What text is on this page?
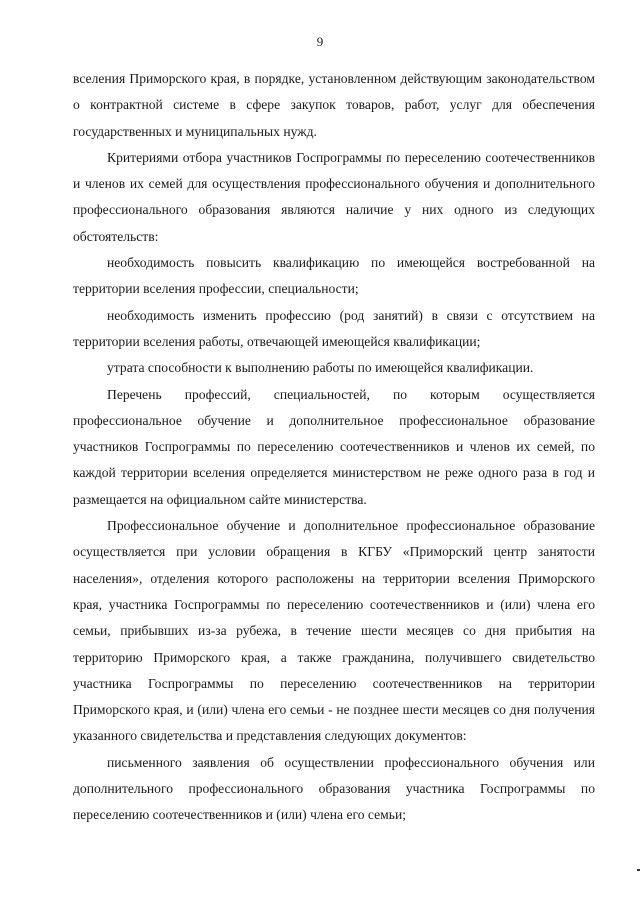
9

вселения Приморского края, в порядке, установленном действующим законодательством о контрактной системе в сфере закупок товаров, работ, услуг для обеспечения государственных и муниципальных нужд.

Критериями отбора участников Госпрограммы по переселению соотечественников и членов их семей для осуществления профессионального обучения и дополнительного профессионального образования являются наличие у них одного из следующих обстоятельств:

необходимость повысить квалификацию по имеющейся востребованной на территории вселения профессии, специальности;

необходимость изменить профессию (род занятий) в связи с отсутствием на территории вселения работы, отвечающей имеющейся квалификации;

утрата способности к выполнению работы по имеющейся квалификации.

Перечень профессий, специальностей, по которым осуществляется профессиональное обучение и дополнительное профессиональное образование участников Госпрограммы по переселению соотечественников и членов их семей, по каждой территории вселения определяется министерством не реже одного раза в год и размещается на официальном сайте министерства.

Профессиональное обучение и дополнительное профессиональное образование осуществляется при условии обращения в КГБУ «Приморский центр занятости населения», отделения которого расположены на территории вселения Приморского края, участника Госпрограммы по переселению соотечественников и (или) члена его семьи, прибывших из-за рубежа, в течение шести месяцев со дня прибытия на территорию Приморского края, а также гражданина, получившего свидетельство участника Госпрограммы по переселению соотечественников на территории Приморского края, и (или) члена его семьи - не позднее шести месяцев со дня получения указанного свидетельства и представления следующих документов:

письменного заявления об осуществлении профессионального обучения или дополнительного профессионального образования участника Госпрограммы по переселению соотечественников и (или) члена его семьи;
